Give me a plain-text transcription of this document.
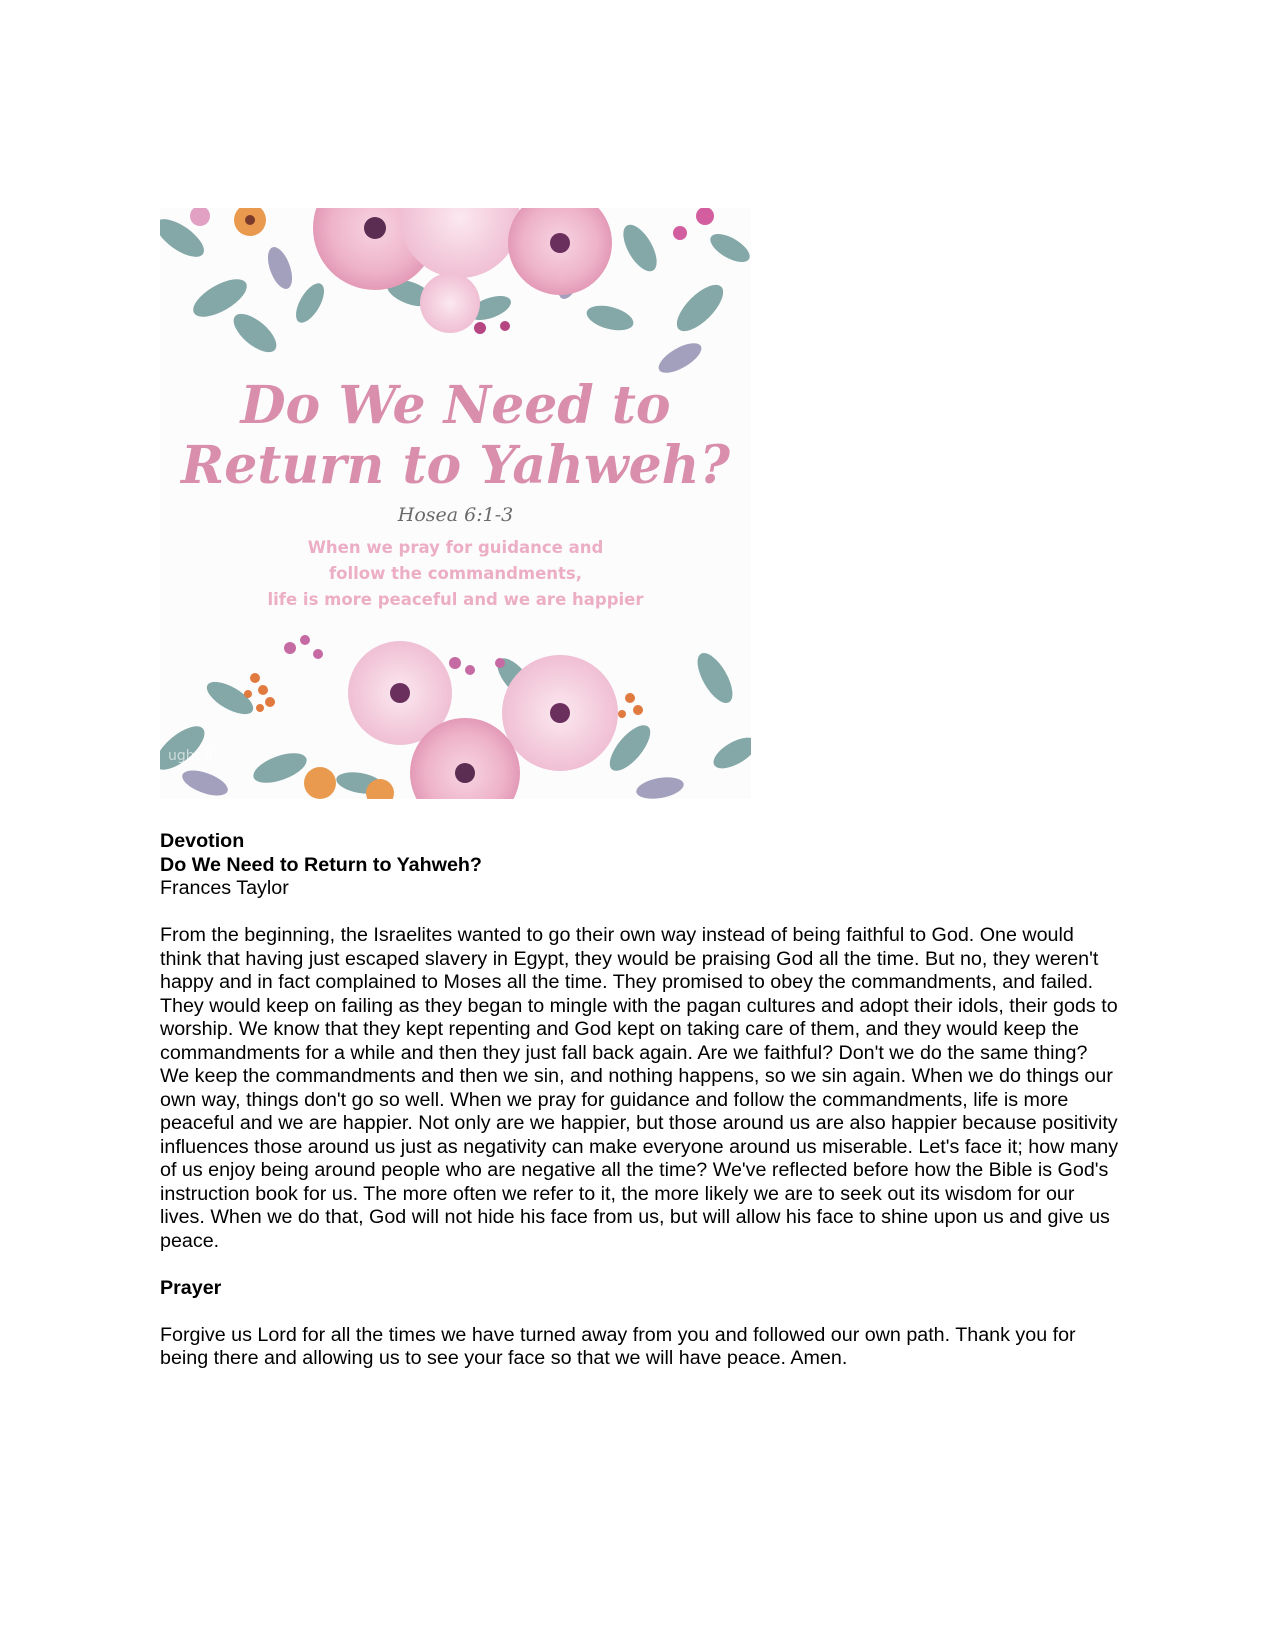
Do We Need to
Return to Yahweh?
Hosea 6:1-3
When we pray for guidance and
follow the commandments,
life is more peaceful and we are happier
ught bl

Devotion

Do We Need to Return to Yahweh?

Frances Taylor

From the beginning, the Israelites wanted to go their own way instead of being faithful to God. One would think that having just escaped slavery in Egypt, they would be praising God all the time. But no, they weren't happy and in fact complained to Moses all the time. They promised to obey the commandments, and failed. They would keep on failing as they began to mingle with the pagan cultures and adopt their idols, their gods to worship. We know that they kept repenting and God kept on taking care of them, and they would keep the commandments for a while and then they just fall back again. Are we faithful? Don't we do the same thing? We keep the commandments and then we sin, and nothing happens, so we sin again. When we do things our own way, things don't go so well. When we pray for guidance and follow the commandments, life is more peaceful and we are happier. Not only are we happier, but those around us are also happier because positivity influences those around us just as negativity can make everyone around us miserable. Let's face it; how many of us enjoy being around people who are negative all the time? We've reflected before how the Bible is God's instruction book for us. The more often we refer to it, the more likely we are to seek out its wisdom for our lives. When we do that, God will not hide his face from us, but will allow his face to shine upon us and give us peace.

Prayer

Forgive us Lord for all the times we have turned away from you and followed our own path. Thank you for being there and allowing us to see your face so that we will have peace. Amen.
